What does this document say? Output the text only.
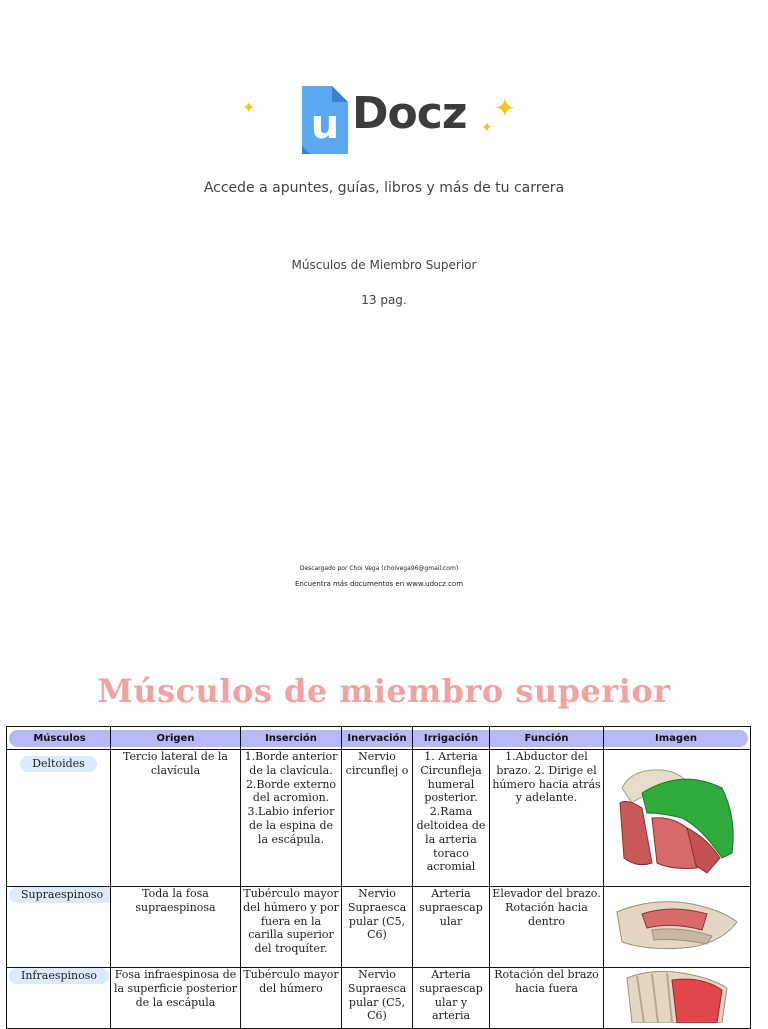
✦ u Docz ✦
✦
Accede a apuntes, guías, libros y más de tu carrera
Músculos de Miembro Superior
13 pag.
Descargado por Choi Vega (choivega96@gmail.com)
Encuentra más documentos en www.udocz.com
Músculos de miembro superior
Músculos	Origen	Inserción	Inervación	Irrigación	Función	Imagen

Deltoides	Tercio lateral de la clavícula	1.Borde anterior de la clavícula. 2.Borde externo del acromion. 3.Labio inferior de la espina de la escápula.	Nervio circunflej o	1. Arteria Circunfleja humeral posterior. 2.Rama deltoidea de la arteria toraco acromial	1.Abductor del brazo. 2. Dirige el húmero hacia atrás y adelante.	

Supraespinoso	Toda la fosa supraespinosa	Tubérculo mayor del húmero y por fuera en la carilla superior del troquíter.	Nervio Supraesca pular (C5, C6)	Arteria supraescap ular	Elevador del brazo. Rotación hacia dentro	

Infraespinoso	Fosa infraespinosa de la superficie posterior de la escápula	Tubérculo mayor del húmero	Nervio Supraesca pular (C5, C6)	Arteria supraescap ular y arteria	Rotación del brazo hacia fuera	
